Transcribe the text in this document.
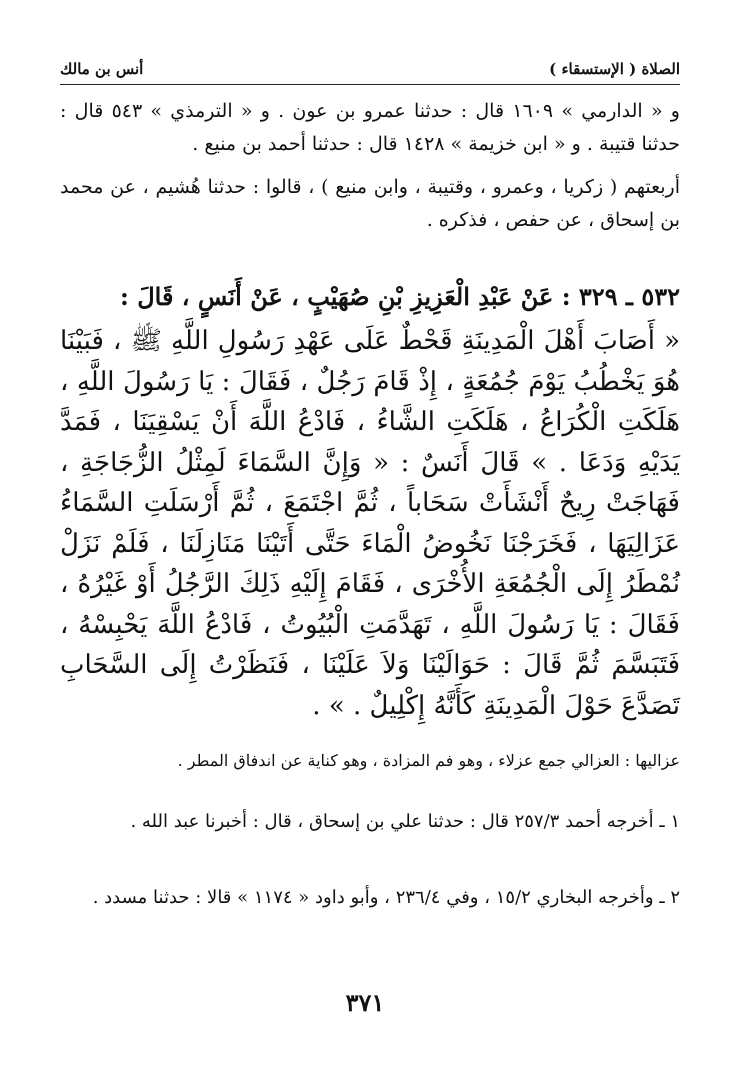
الصلاة ( الإستسقاء )
أنس بن مالك

و « الدارمي » ١٦٠٩ قال : حدثنا عمرو بن عون . و « الترمذي » ٥٤٣ قال : حدثنا قتيبة . و « ابن خزيمة » ١٤٢٨ قال : حدثنا أحمد بن منيع .

أربعتهم ( زكريا ، وعمرو ، وقتيبة ، وابن منيع ) ، قالوا : حدثنا هُشيم ، عن محمد بن إسحاق ، عن حفص ، فذكره .

٥٣٢ ـ ٣٢٩ : عَنْ عَبْدِ الْعَزِيزِ بْنِ صُهَيْبٍ ، عَنْ أَنَسٍ ، قَالَ :

« أَصَابَ أَهْلَ الْمَدِينَةِ قَحْطٌ عَلَى عَهْدِ رَسُولِ اللَّهِ ﷺ ، فَبَيْنَا هُوَ يَخْطُبُ يَوْمَ جُمُعَةٍ ، إِذْ قَامَ رَجُلٌ ، فَقَالَ : يَا رَسُولَ اللَّهِ ، هَلَكَتِ الْكُرَاعُ ، هَلَكَتِ الشَّاءُ ، فَادْعُ اللَّهَ أَنْ يَسْقِيَنَا ، فَمَدَّ يَدَيْهِ وَدَعَا . » قَالَ أَنَسٌ : « وَإِنَّ السَّمَاءَ لَمِثْلُ الزُّجَاجَةِ ، فَهَاجَتْ رِيحٌ أَنْشَأَتْ سَحَاباً ، ثُمَّ اجْتَمَعَ ، ثُمَّ أَرْسَلَتِ السَّمَاءُ عَزَالِيَهَا ، فَخَرَجْنَا نَخُوضُ الْمَاءَ حَتَّى أَتَيْنَا مَنَازِلَنَا ، فَلَمْ نَزَلْ نُمْطَرُ إِلَى الْجُمُعَةِ الأُخْرَى ، فَقَامَ إِلَيْهِ ذَلِكَ الرَّجُلُ أَوْ غَيْرُهُ ، فَقَالَ : يَا رَسُولَ اللَّهِ ، تَهَدَّمَتِ الْبُيُوتُ ، فَادْعُ اللَّهَ يَحْبِسْهُ ، فَتَبَسَّمَ ثُمَّ قَالَ : حَوَالَيْنَا وَلاَ عَلَيْنَا ، فَنَظَرْتُ إِلَى السَّحَابِ تَصَدَّعَ حَوْلَ الْمَدِينَةِ كَأَنَّهُ إِكْلِيلٌ . » .

عزاليها : العزالي جمع عزلاء ، وهو فم المزادة ، وهو كناية عن اندفاق المطر .

١ ـ أخرجه أحمد ٢٥٧/٣ قال : حدثنا علي بن إسحاق ، قال : أخبرنا عبد الله .

٢ ـ وأخرجه البخاري ١٥/٢ ، وفي ٢٣٦/٤ ، وأبو داود « ١١٧٤ » قالا : حدثنا مسدد .

٣٧١
